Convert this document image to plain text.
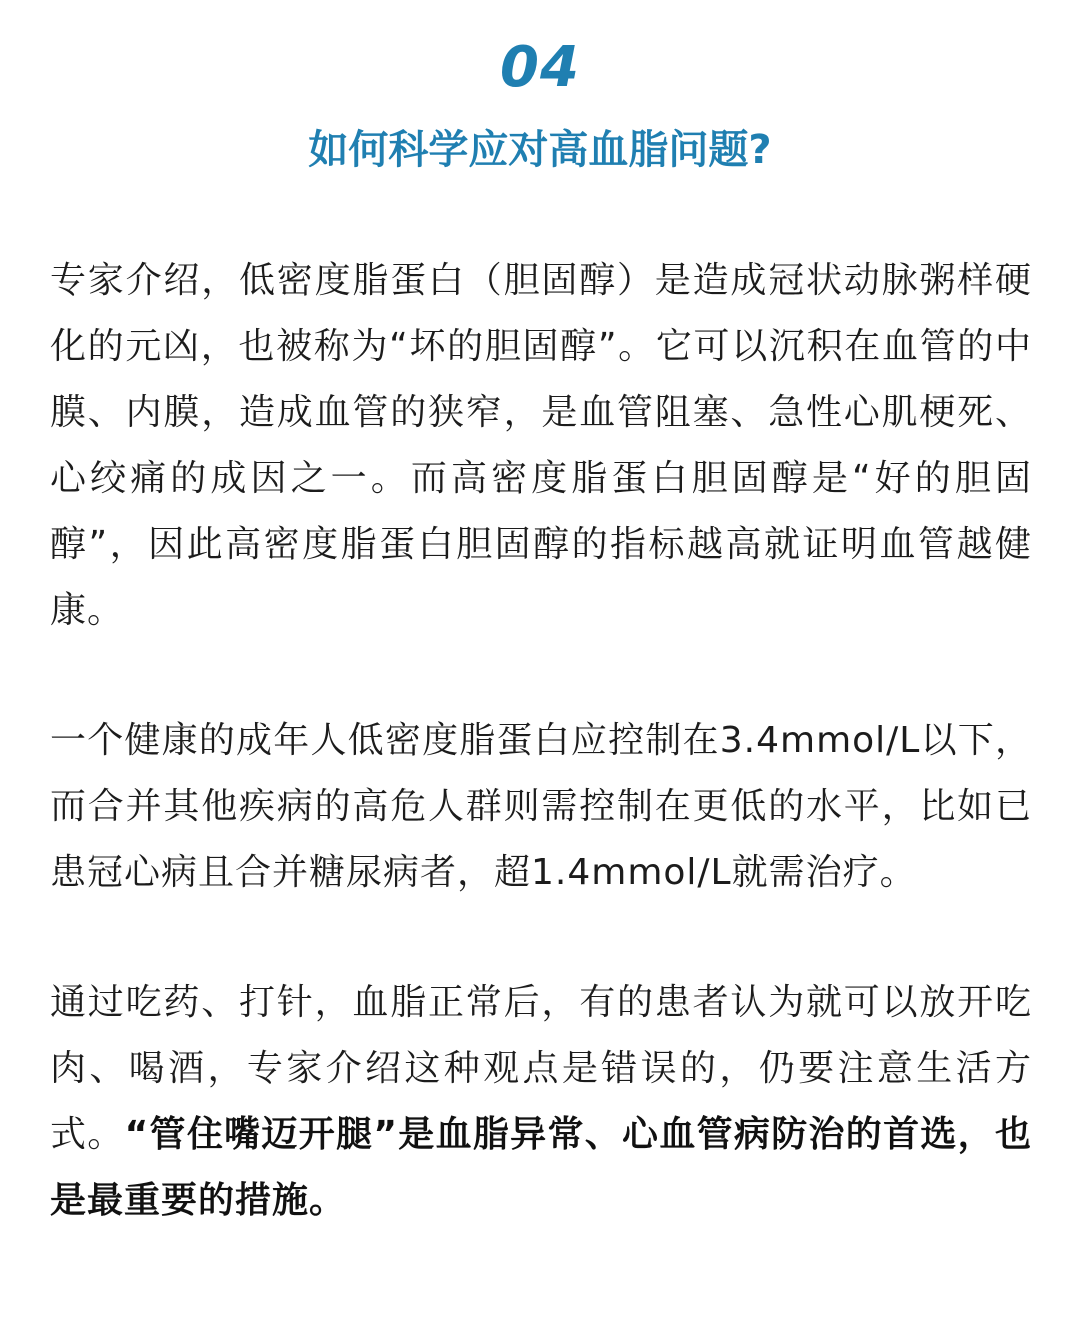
04
如何科学应对高血脂问题?

专家介绍，低密度脂蛋白（胆固醇）是造成冠状动脉粥样硬化的元凶，也被称为“坏的胆固醇”。它可以沉积在血管的中膜、内膜，造成血管的狭窄，是血管阻塞、急性心肌梗死、心绞痛的成因之一。而高密度脂蛋白胆固醇是“好的胆固醇”，因此高密度脂蛋白胆固醇的指标越高就证明血管越健康。

一个健康的成年人低密度脂蛋白应控制在3.4mmol/L以下，而合并其他疾病的高危人群则需控制在更低的水平，比如已患冠心病且合并糖尿病者，超1.4mmol/L就需治疗。

通过吃药、打针，血脂正常后，有的患者认为就可以放开吃肉、喝酒，专家介绍这种观点是错误的，仍要注意生活方式。“管住嘴迈开腿”是血脂异常、心血管病防治的首选，也是最重要的措施。
